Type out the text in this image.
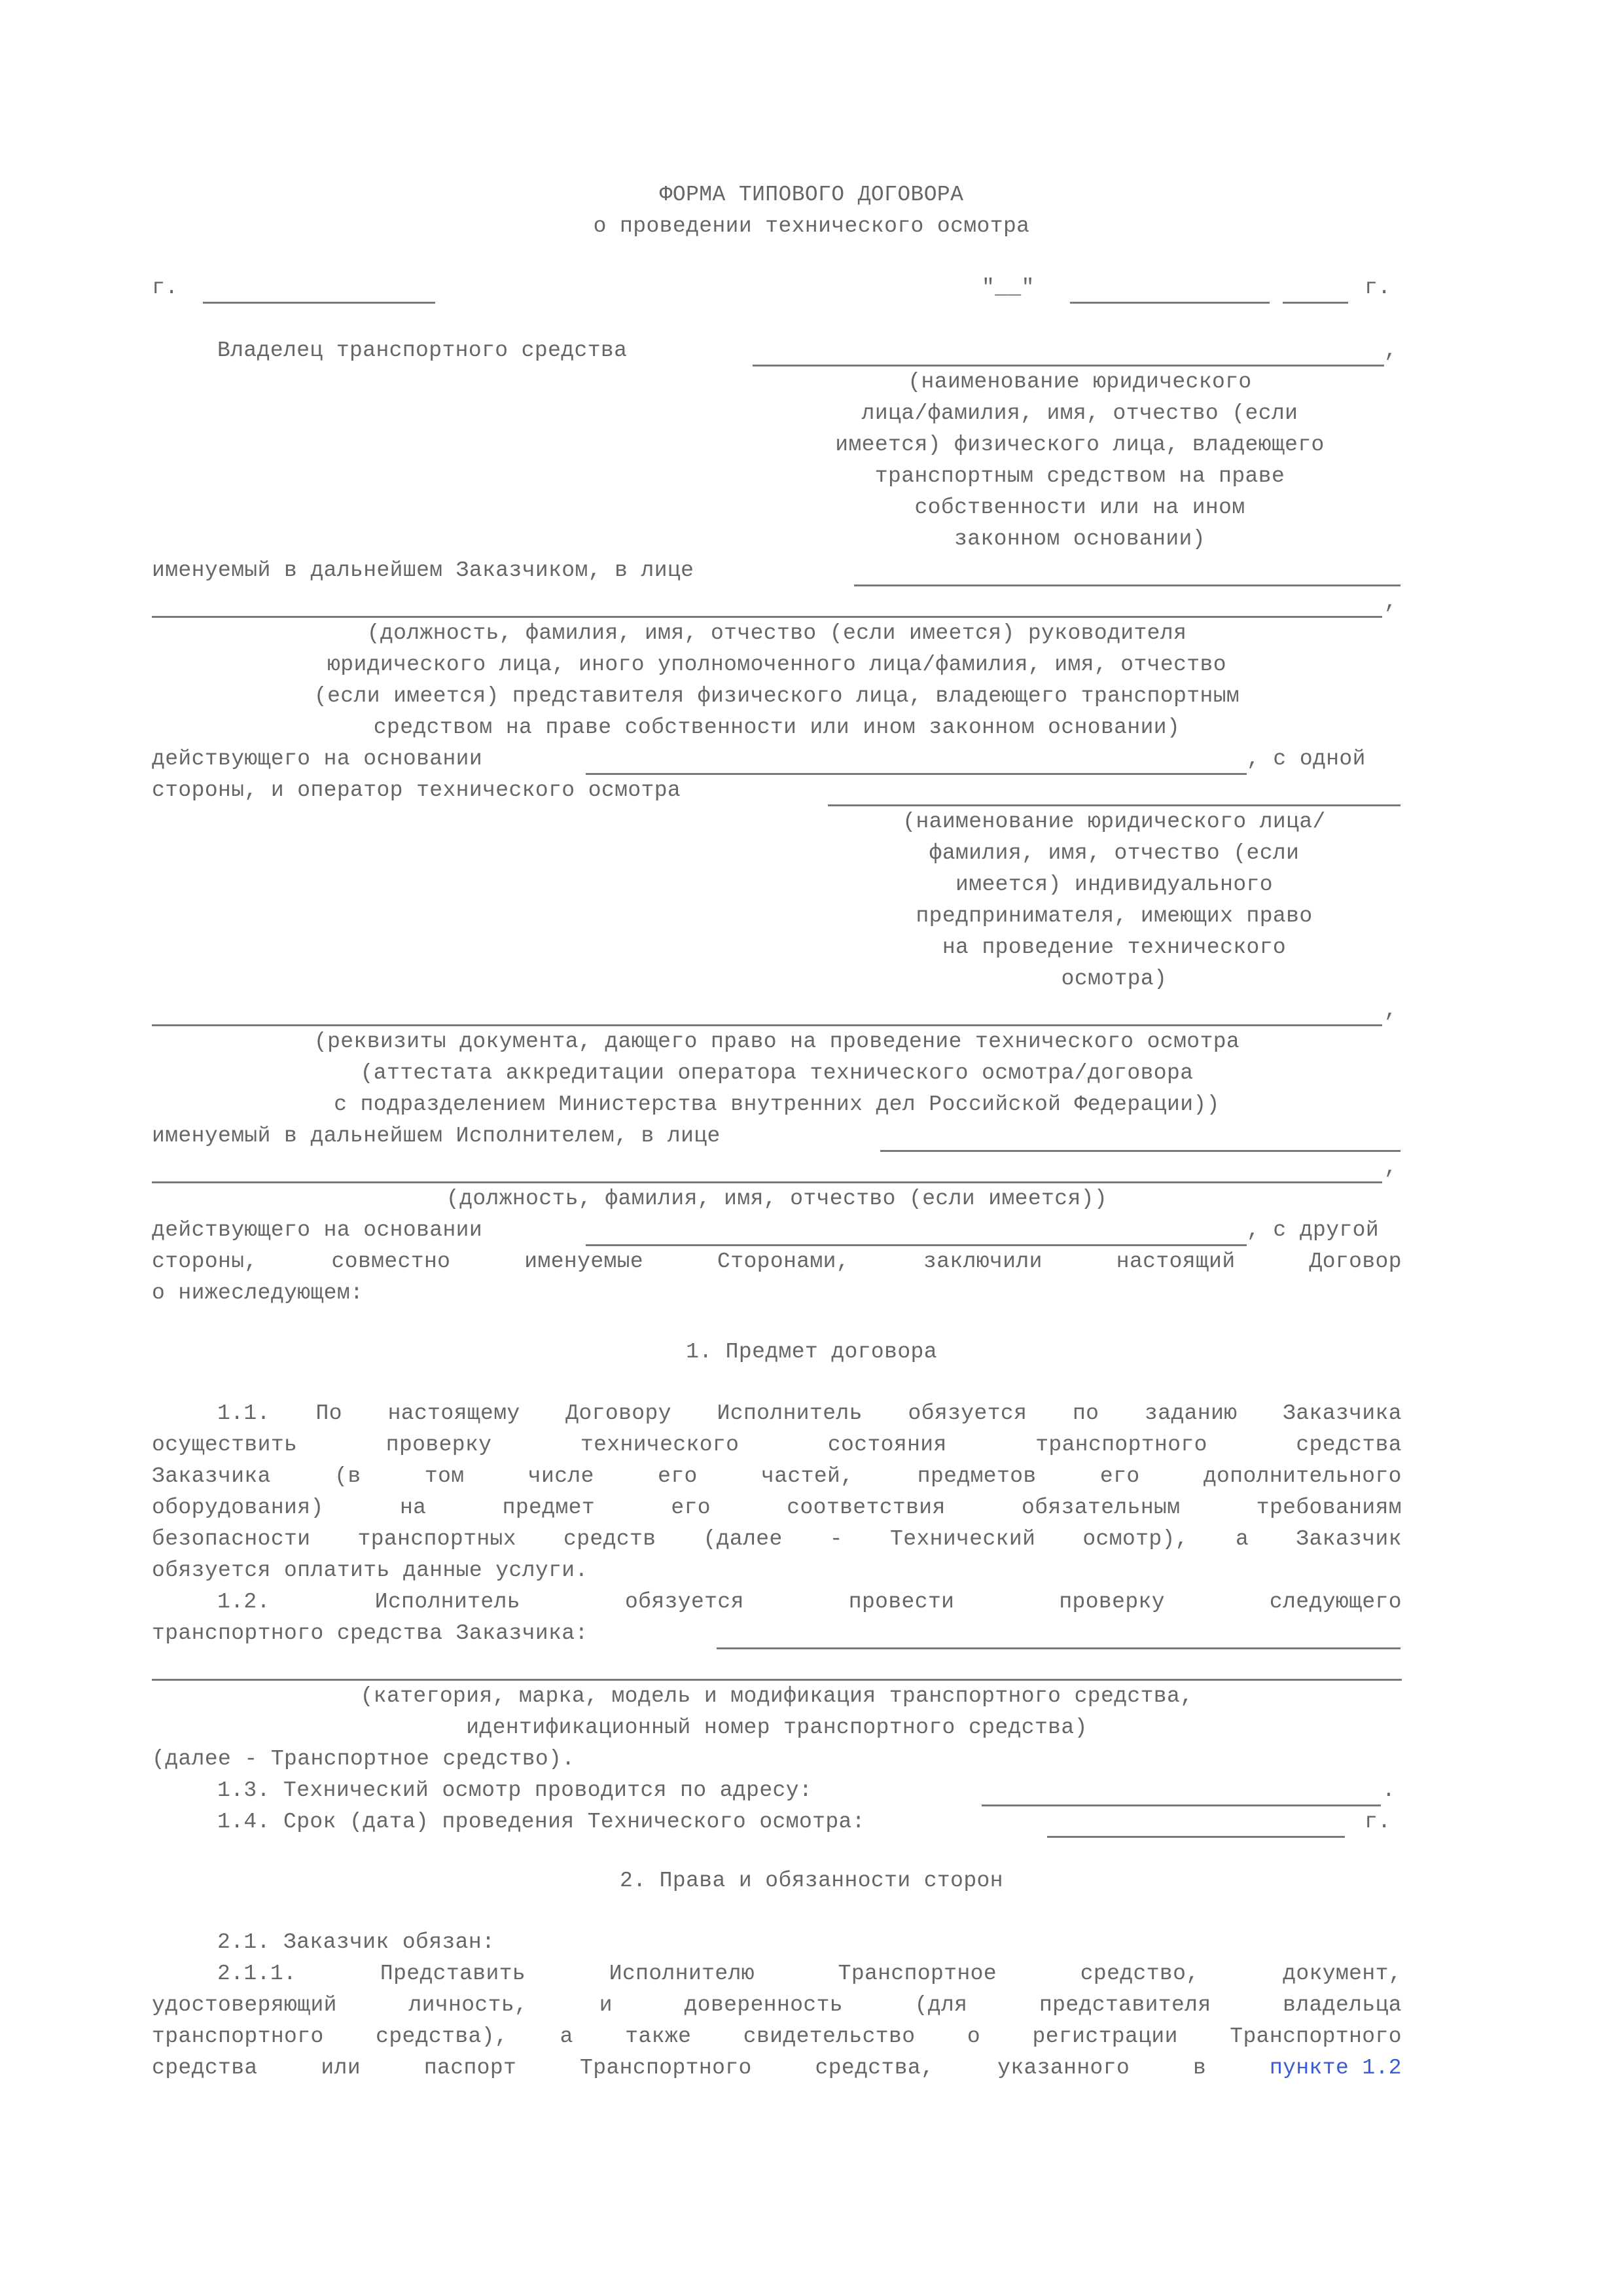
ФОРМА ТИПОВОГО ДОГОВОРА

о проведении технического осмотра

г.	"__"	г.

Владелец транспортного средства	,

(наименование юридического

лица/фамилия, имя, отчество (если

имеется) физического лица, владеющего

транспортным средством на праве

собственности или на ином

законном основании)

именуемый в дальнейшем Заказчиком, в лице

,

(должность, фамилия, имя, отчество (если имеется) руководителя

юридического лица, иного уполномоченного лица/фамилия, имя, отчество

(если имеется) представителя физического лица, владеющего транспортным

средством на праве собственности или ином законном основании)

действующего на основании	, с одной

стороны, и оператор технического осмотра

(наименование юридического лица/

фамилия, имя, отчество (если

имеется) индивидуального

предпринимателя, имеющих право

на проведение технического

осмотра)

,

(реквизиты документа, дающего право на проведение технического осмотра

(аттестата аккредитации оператора технического осмотра/договора

с подразделением Министерства внутренних дел Российской Федерации))

именуемый в дальнейшем Исполнителем, в лице

,

(должность, фамилия, имя, отчество (если имеется))

действующего на основании	, с другой

стороны,	совместно	именуемые	Сторонами,	заключили	настоящий	Договор

о нижеследующем:

1. Предмет договора

1.1. По настоящему Договору Исполнитель обязуется по заданию Заказчика

осуществить	проверку	технического	состояния	транспортного	средства

Заказчика	(в	том	числе	его	частей,	предметов	его	дополнительного

оборудования)	на	предмет	его	соответствия	обязательным	требованиям

безопасности транспортных средств (далее - Технический осмотр), а Заказчик

обязуется оплатить данные услуги.

1.2.	Исполнитель	обязуется	провести	проверку	следующего

транспортного средства Заказчика:

(категория, марка, модель и модификация транспортного средства,

идентификационный номер транспортного средства)

(далее - Транспортное средство).

1.3. Технический осмотр проводится по адресу:	.

1.4. Срок (дата) проведения Технического осмотра:	г.

2. Права и обязанности сторон

2.1. Заказчик обязан:

2.1.1.	Представить	Исполнителю	Транспортное	средство,	документ,

удостоверяющий	личность,	и	доверенность	(для	представителя	владельца

транспортного средства), а также свидетельство о регистрации Транспортного

средства	или	паспорт	Транспортного	средства,	указанного	в	пункте 1.2
